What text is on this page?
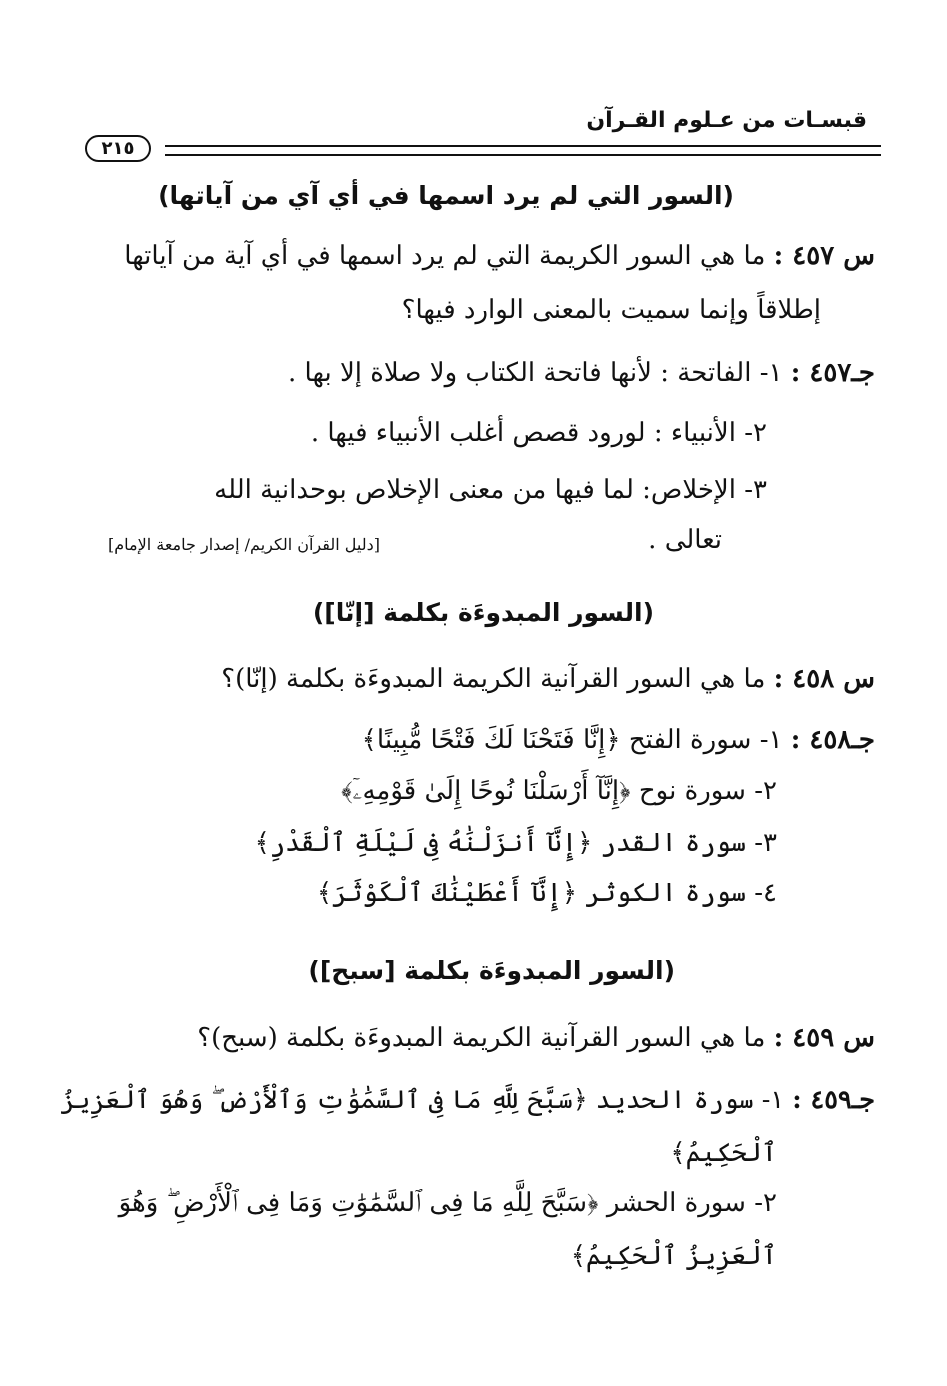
قبسـات من عـلوم القـرآن
٢١٥
(السور التي لم يرد اسمها في أي آي من آياتها)
س ٤٥٧ : ما هي السور الكريمة التي لم يرد اسمها في أي آية من آياتها
إطلاقاً وإنما سميت بالمعنى الوارد فيها؟
جـ٤٥٧ : ١- الفاتحة : لأنها فاتحة الكتاب ولا صلاة إلا بها .
٢- الأنبياء : لورود قصص أغلب الأنبياء فيها .
٣- الإخلاص: لما فيها من معنى الإخلاص بوحدانية الله
تعالى .
[دليل القرآن الكريم/ إصدار جامعة الإمام]
(السور المبدوءَة بكلمة [إنّا])
س ٤٥٨ : ما هي السور القرآنية الكريمة المبدوءَة بكلمة (إنّا)؟
جـ٤٥٨ : ١- سورة الفتح ﴿إِنَّا فَتَحْنَا لَكَ فَتْحًا مُّبِينًا﴾
٢- سورة نوح ﴿إِنَّآ أَرْسَلْنَا نُوحًا إِلَىٰ قَوْمِهِۦٓ﴾
٣- سورة القدر ﴿إِنَّآ أَنزَلْنَٰهُ فِى لَيْلَةِ ٱلْقَدْرِ﴾
٤- سورة الكوثر ﴿إِنَّآ أَعْطَيْنَٰكَ ٱلْكَوْثَرَ﴾
(السور المبدوءَة بكلمة [سبح])
س ٤٥٩ : ما هي السور القرآنية الكريمة المبدوءَة بكلمة (سبح)؟
جـ٤٥٩ : ١- سورة الحديد ﴿سَبَّحَ لِلَّهِ مَا فِى ٱلسَّمَٰوَٰتِ وَٱلْأَرْضِ ۖ وَهُوَ ٱلْعَزِيزُ
ٱلْحَكِيمُ﴾
٢- سورة الحشر ﴿سَبَّحَ لِلَّهِ مَا فِى ٱلسَّمَٰوَٰتِ وَمَا فِى ٱلْأَرْضِ ۖ وَهُوَ
ٱلْعَزِيزُ ٱلْحَكِيمُ﴾
